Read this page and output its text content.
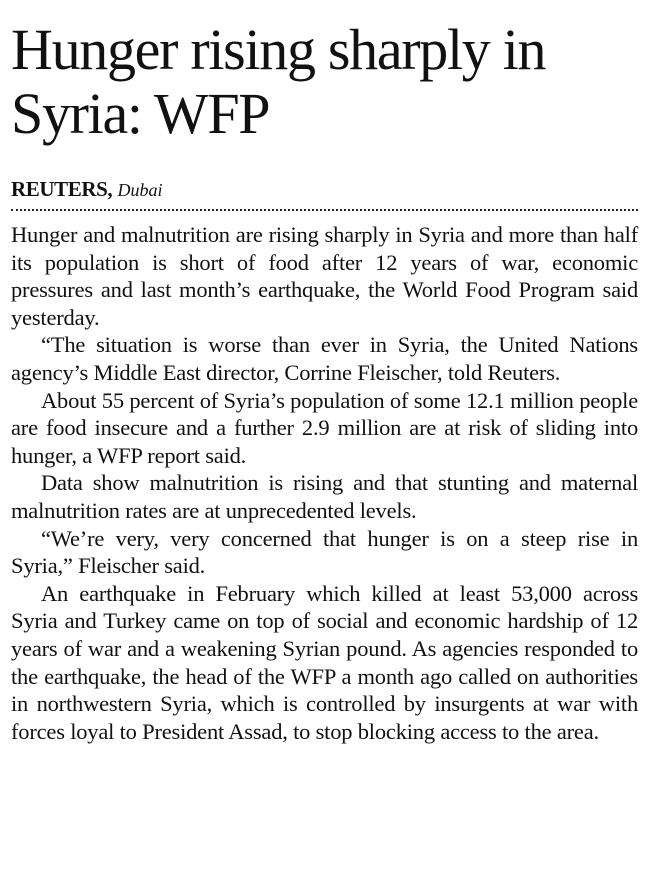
Hunger rising sharply in Syria: WFP
REUTERS, Dubai

Hunger and malnutrition are rising sharply in Syria and more than half its population is short of food after 12 years of war, economic pressures and last month’s earthquake, the World Food Program said yesterday.

“The situation is worse than ever in Syria, the United Nations agency’s Middle East director, Corrine Fleischer, told Reuters.

About 55 percent of Syria’s population of some 12.1 million people are food insecure and a further 2.9 million are at risk of sliding into hunger, a WFP report said.

Data show malnutrition is rising and that stunting and maternal malnutrition rates are at unprecedented levels.

“We’re very, very concerned that hunger is on a steep rise in Syria,” Fleischer said.

An earthquake in February which killed at least 53,000 across Syria and Turkey came on top of social and economic hardship of 12 years of war and a weakening Syrian pound. As agencies responded to the earthquake, the head of the WFP a month ago called on authorities in northwestern Syria, which is controlled by insurgents at war with forces loyal to President Assad, to stop blocking access to the area.
